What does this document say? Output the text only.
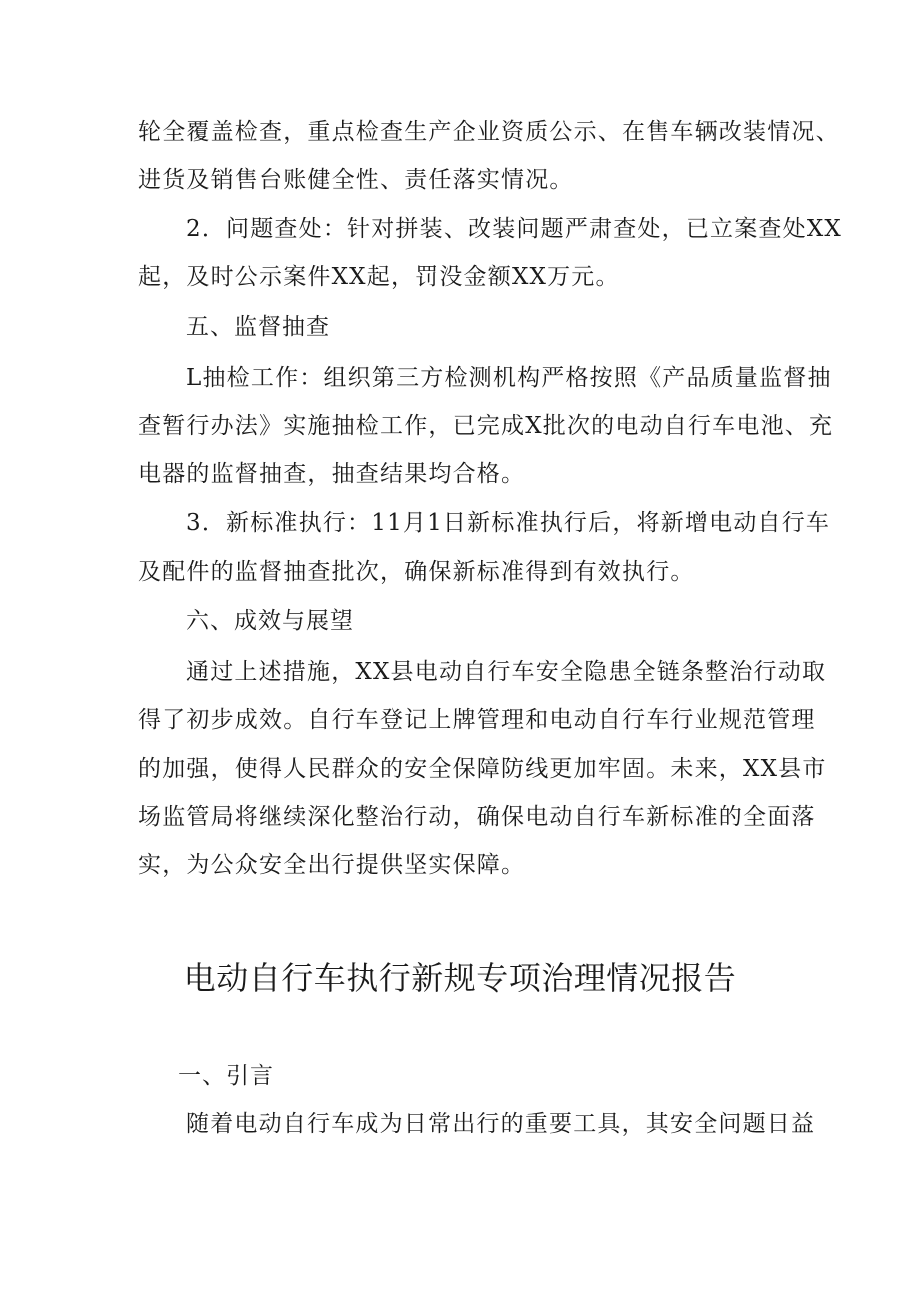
轮全覆盖检查，重点检查生产企业资质公示、在售车辆改装情况、
进货及销售台账健全性、责任落实情况。
2．问题查处：针对拼装、改装问题严肃查处，已立案查处XX
起，及时公示案件XX起，罚没金额XX万元。
五、监督抽查
L抽检工作：组织第三方检测机构严格按照《产品质量监督抽
查暂行办法》实施抽检工作，已完成X批次的电动自行车电池、充
电器的监督抽查，抽查结果均合格。
3．新标准执行：11月1日新标准执行后，将新增电动自行车
及配件的监督抽查批次，确保新标准得到有效执行。
六、成效与展望
通过上述措施，XX县电动自行车安全隐患全链条整治行动取
得了初步成效。自行车登记上牌管理和电动自行车行业规范管理
的加强，使得人民群众的安全保障防线更加牢固。未来，XX县市
场监管局将继续深化整治行动，确保电动自行车新标准的全面落
实，为公众安全出行提供坚实保障。
电动自行车执行新规专项治理情况报告
一、引言
随着电动自行车成为日常出行的重要工具，其安全问题日益
